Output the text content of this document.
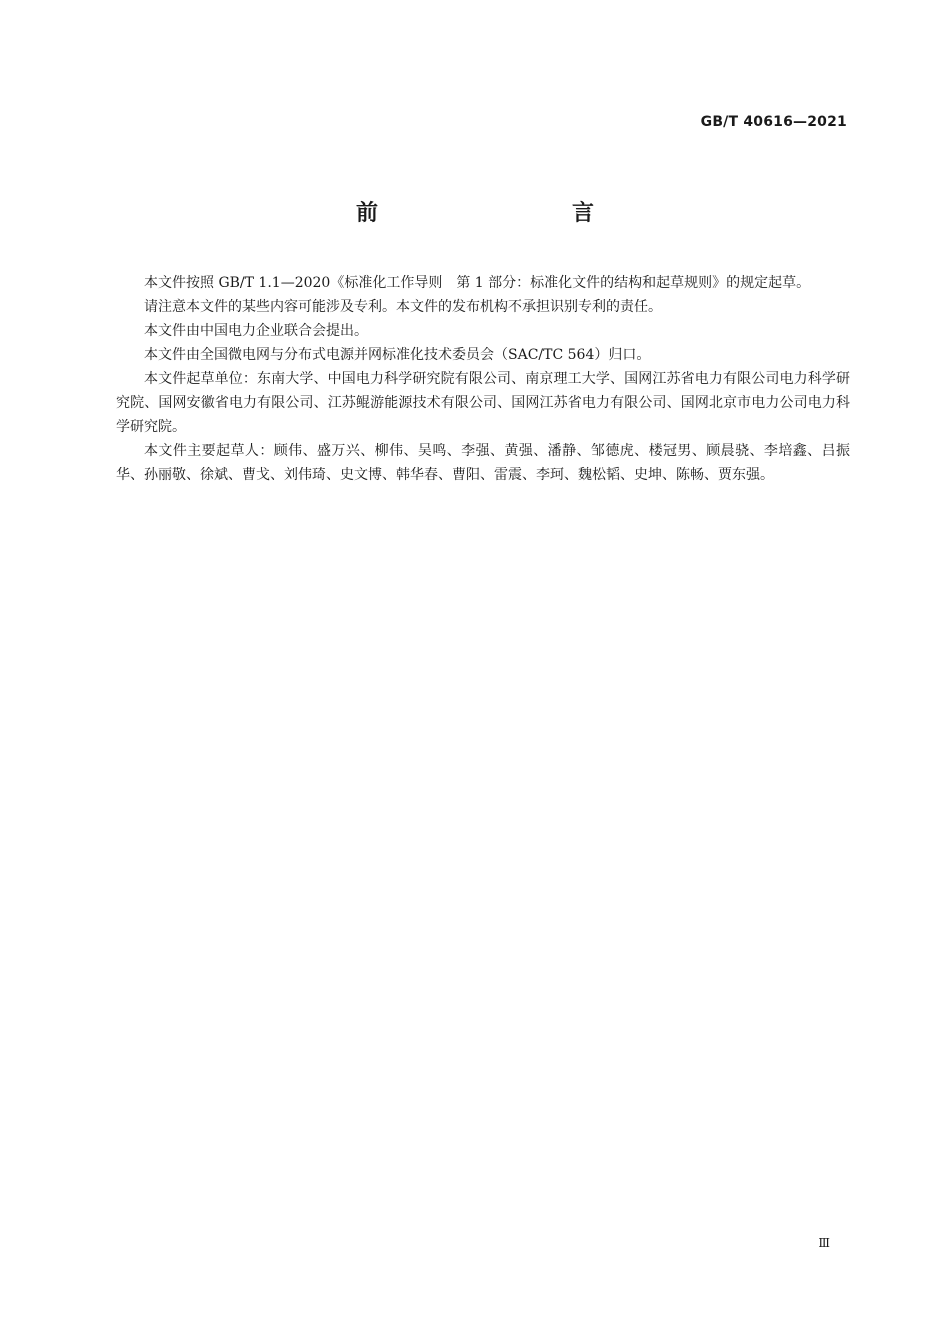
GB/T 40616—2021
前　　言

本文件按照 GB/T 1.1—2020《标准化工作导则　第 1 部分：标准化文件的结构和起草规则》的规定起草。

请注意本文件的某些内容可能涉及专利。本文件的发布机构不承担识别专利的责任。

本文件由中国电力企业联合会提出。

本文件由全国微电网与分布式电源并网标准化技术委员会（SAC/TC 564）归口。

本文件起草单位：东南大学、中国电力科学研究院有限公司、南京理工大学、国网江苏省电力有限公司电力科学研究院、国网安徽省电力有限公司、江苏鲲游能源技术有限公司、国网江苏省电力有限公司、国网北京市电力公司电力科学研究院。

本文件主要起草人：顾伟、盛万兴、柳伟、吴鸣、李强、黄强、潘静、邹德虎、楼冠男、顾晨骁、李培鑫、吕振华、孙丽敬、徐斌、曹戈、刘伟琦、史文博、韩华春、曹阳、雷震、李珂、魏松韬、史坤、陈畅、贾东强。

Ⅲ
